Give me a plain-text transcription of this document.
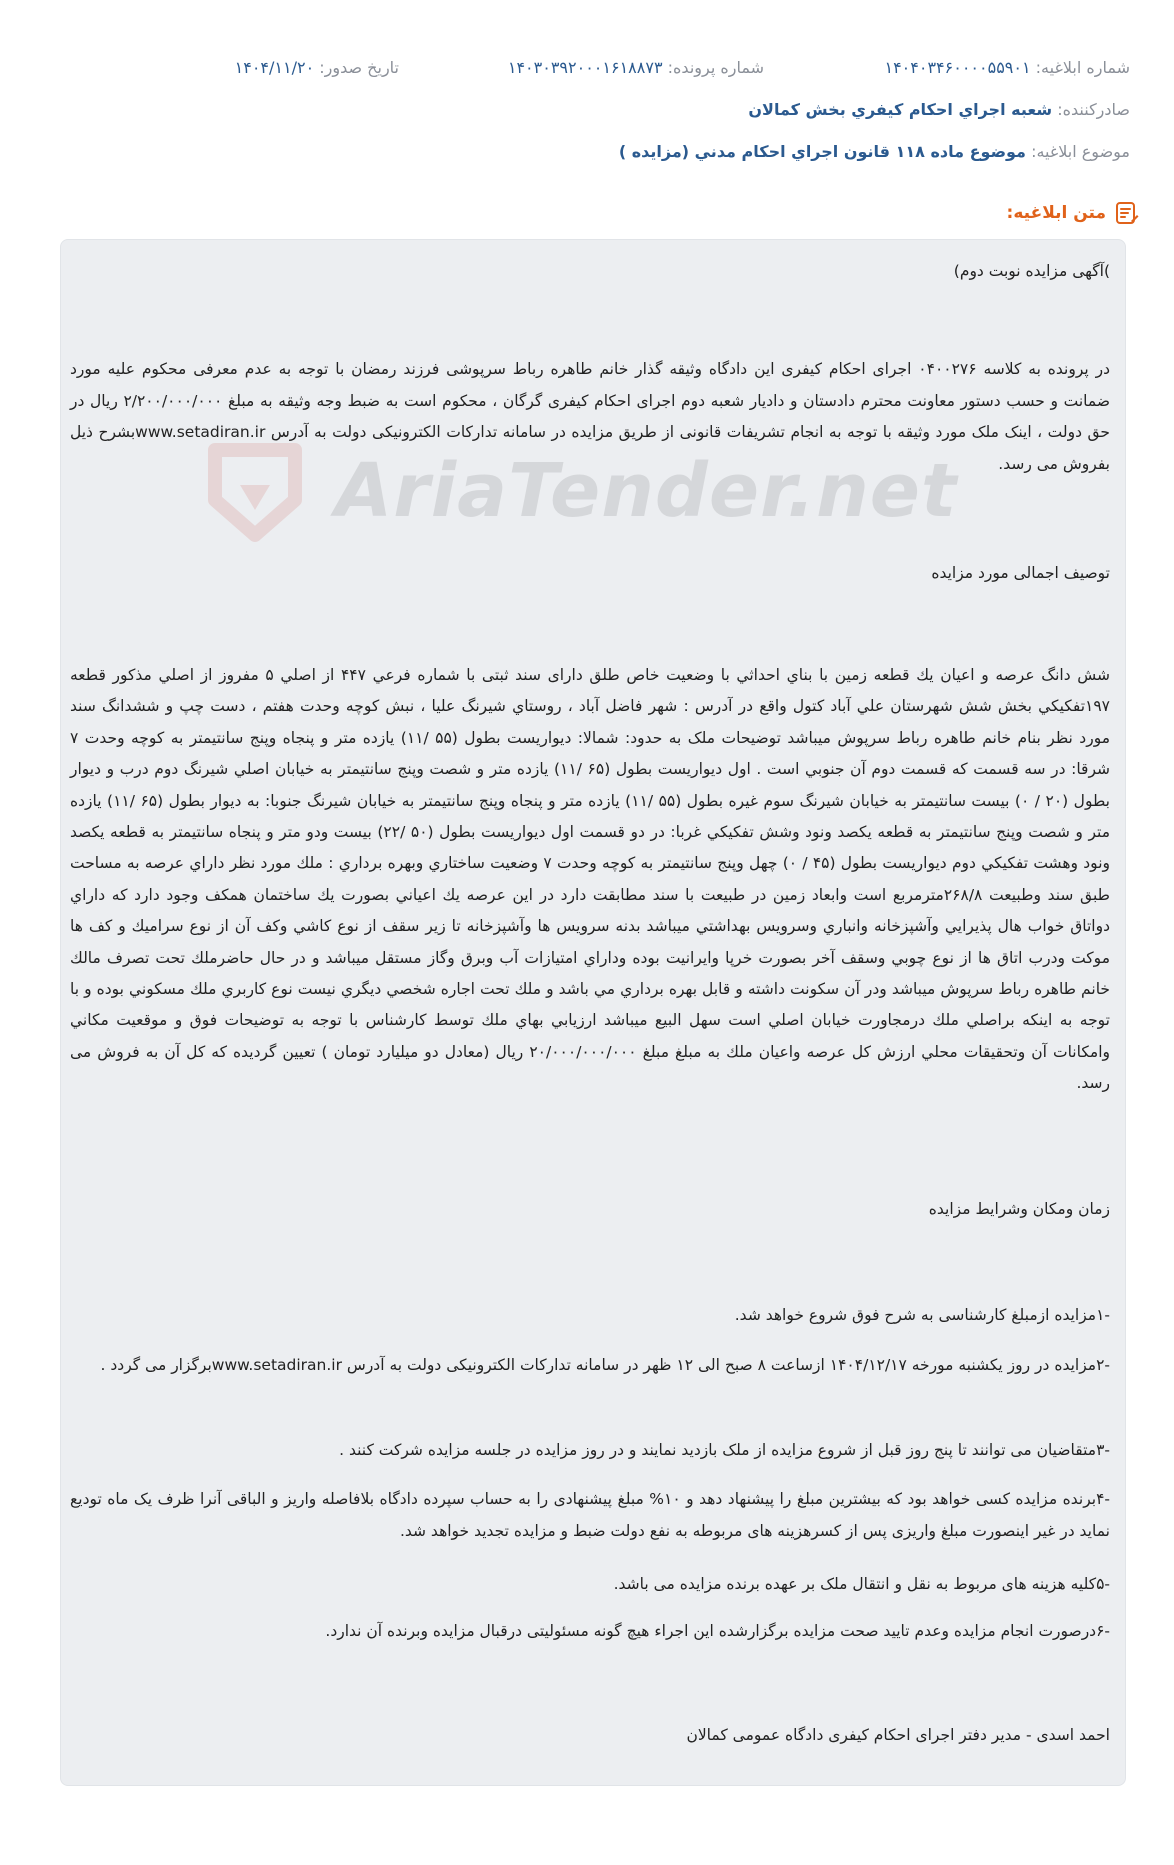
شماره ابلاغيه: ۱۴۰۴۰۳۴۶۰۰۰۰۵۵۹۰۱
شماره پرونده: ۱۴۰۳۰۳۹۲۰۰۰۱۶۱۸۸۷۳
تاريخ صدور: ۱۴۰۴/۱۱/۲۰
صادرکننده: شعبه اجراي احکام کيفري بخش کمالان
موضوع ابلاغيه: موضوع ماده ۱۱۸ قانون اجراي احکام مدني (مزايده )
متن ابلاغيه:
)آگهی مزایده نوبت دوم)

در پرونده به کلاسه ۰۴۰۰۲۷۶ اجرای احکام کیفری این دادگاه وثیقه گذار خانم طاهره رباط سرپوشی فرزند رمضان با توجه به عدم معرفی محکوم علیه مورد ضمانت و حسب دستور معاونت محترم دادستان و دادیار شعبه دوم اجرای احکام کیفری گرگان ، محکوم است به ضبط وجه وثیقه به مبلغ ۲/۲۰۰/۰۰۰/۰۰۰ ریال در حق دولت ، اینک ملک مورد وثیقه با توجه به انجام تشریفات قانونی از طریق مزایده در سامانه تدارکات الکترونیکی دولت به آدرس www.setadiran.irبشرح ذیل بفروش می رسد.

توصیف اجمالی مورد مزایده

شش دانگ عرصه و اعيان يك قطعه زمين با بناي احداثي با وضعيت خاص طلق دارای سند ثبتی با شماره فرعي ۴۴۷ از اصلي ۵ مفروز از اصلي مذكور قطعه ۱۹۷تفكيكي بخش شش شهرستان علي آباد كتول واقع در آدرس : شهر فاضل آباد ، روستاي شيرنگ عليا ، نبش كوچه وحدت هفتم ، دست چپ و ششدانگ سند مورد نظر بنام خانم طاهره رباط سرپوش ميباشد توضيحات ملک به حدود: شمالا: ديواريست بطول (۵۵ /۱۱) يازده متر و پنجاه وپنج سانتيمتر به كوچه وحدت ۷ شرقا: در سه قسمت كه قسمت دوم آن جنوبي است . اول ديواريست بطول (۶۵ /۱۱) يازده متر و شصت وپنج سانتيمتر به خيابان اصلي شيرنگ دوم درب و ديوار بطول (۲۰ / ۰) بيست سانتيمتر به خيابان شيرنگ سوم غيره بطول (۵۵ /۱۱) يازده متر و پنجاه وپنج سانتيمتر به خيابان شيرنگ جنوبا: به ديوار بطول (۶۵ /۱۱) يازده متر و شصت وپنج سانتيمتر به قطعه يكصد ونود وشش تفكيكي غربا: در دو قسمت اول ديواريست بطول (۵۰ /۲۲) بيست ودو متر و پنجاه سانتيمتر به قطعه يكصد ونود وهشت تفكيكي دوم ديواريست بطول (۴۵ / ۰) چهل وپنج سانتيمتر به كوچه وحدت ۷ وضعيت ساختاري وبهره برداري : ملك مورد نظر داراي عرصه به مساحت طبق سند وطبيعت ۲۶۸/۸مترمربع است وابعاد زمين در طبيعت با سند مطابقت دارد در اين عرصه يك اعياني بصورت يك ساختمان همكف وجود دارد كه داراي دواتاق خواب هال پذيرايي وآشپزخانه وانباري وسرويس بهداشتي ميباشد بدنه سرويس ها وآشپزخانه تا زير سقف از نوع كاشي وكف آن از نوع سراميك و كف ها موكت ودرب اتاق ها از نوع چوبي وسقف آخر بصورت خرپا وايرانيت بوده وداراي امتيازات آب وبرق وگاز مستقل ميباشد و در حال حاضرملك تحت تصرف مالك خانم طاهره رباط سرپوش ميباشد ودر آن سكونت داشته و قابل بهره برداري مي باشد و ملك تحت اجاره شخصي ديگري نيست نوع كاربري ملك مسكوني بوده و با توجه به اينكه براصلي ملك درمجاورت خيابان اصلي است سهل البيع ميباشد ارزيابي بهاي ملك توسط كارشناس با توجه به توضيحات فوق و موقعيت مكاني وامكانات آن وتحقيقات محلي ارزش كل عرصه واعيان ملك به مبلغ مبلغ ۲۰/۰۰۰/۰۰۰/۰۰۰ ريال (معادل دو ميليارد تومان ) تعيين گرديده كه كل آن به فروش می رسد.

زمان ومکان وشرایط مزایده
-۱مزایده ازمبلغ کارشناسی به شرح فوق شروع خواهد شد.

-۲مزایده در روز یکشنبه مورخه ۱۴۰۴/۱۲/۱۷ ازساعت ۸ صبح الی ۱۲ ظهر در سامانه تدارکات الکترونیکی دولت به آدرس www.setadiran.irبرگزار می گردد .

-۳متقاضیان می توانند تا پنج روز قبل از شروع مزایده از ملک بازدید نمایند و در روز مزایده در جلسه مزایده شرکت کنند .

-۴برنده مزایده کسی خواهد بود که بیشترین مبلغ را پیشنهاد دهد و ۱۰% مبلغ پیشنهادی را به حساب سپرده دادگاه بلافاصله واریز و الباقی آنرا ظرف یک ماه تودیع نماید در غیر اینصورت مبلغ واریزی پس از کسرهزینه های مربوطه به نفع دولت ضبط و مزایده تجدید خواهد شد.

-۵کلیه هزینه های مربوط به نقل و انتقال ملک بر عهده برنده مزایده می باشد.
-۶درصورت انجام مزایده وعدم تایید صحت مزایده برگزارشده این اجراء هیچ گونه مسئولیتی درقبال مزایده وبرنده آن ندارد.
احمد اسدی - مدیر دفتر اجرای احکام کیفری دادگاه عمومی کمالان
